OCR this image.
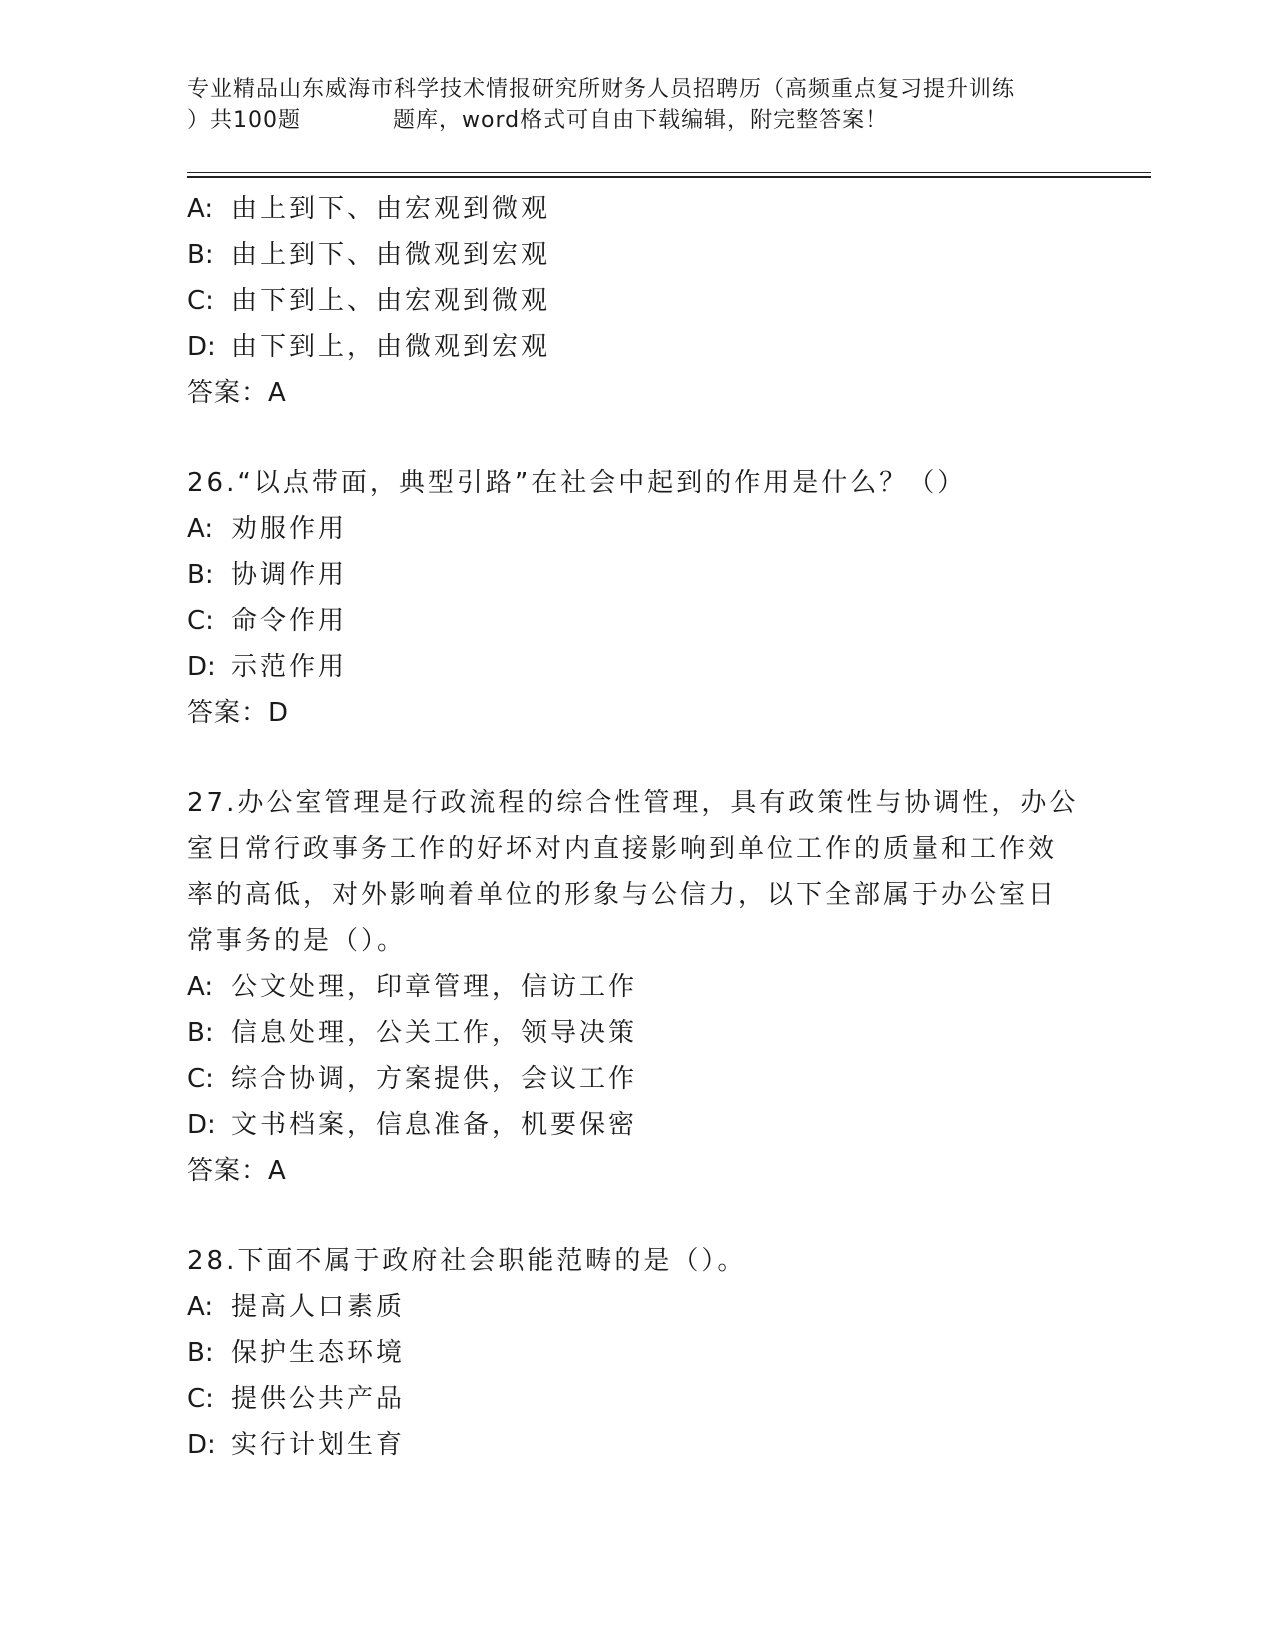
专业精品山东威海市科学技术情报研究所财务人员招聘历（高频重点复习提升训练
）共100题　　　　题库，word格式可自由下载编辑，附完整答案！
A: 由上到下、由宏观到微观
B: 由上到下、由微观到宏观
C: 由下到上、由宏观到微观
D: 由下到上，由微观到宏观
答案：A
26.“以点带面，典型引路”在社会中起到的作用是什么？（）
A: 劝服作用
B: 协调作用
C: 命令作用
D: 示范作用
答案：D
27.办公室管理是行政流程的综合性管理，具有政策性与协调性，办公
室日常行政事务工作的好坏对内直接影响到单位工作的质量和工作效
率的高低，对外影响着单位的形象与公信力，以下全部属于办公室日
常事务的是（）。
A: 公文处理，印章管理，信访工作
B: 信息处理，公关工作，领导决策
C: 综合协调，方案提供，会议工作
D: 文书档案，信息准备，机要保密
答案：A
28.下面不属于政府社会职能范畴的是（）。
A: 提高人口素质
B: 保护生态环境
C: 提供公共产品
D: 实行计划生育
